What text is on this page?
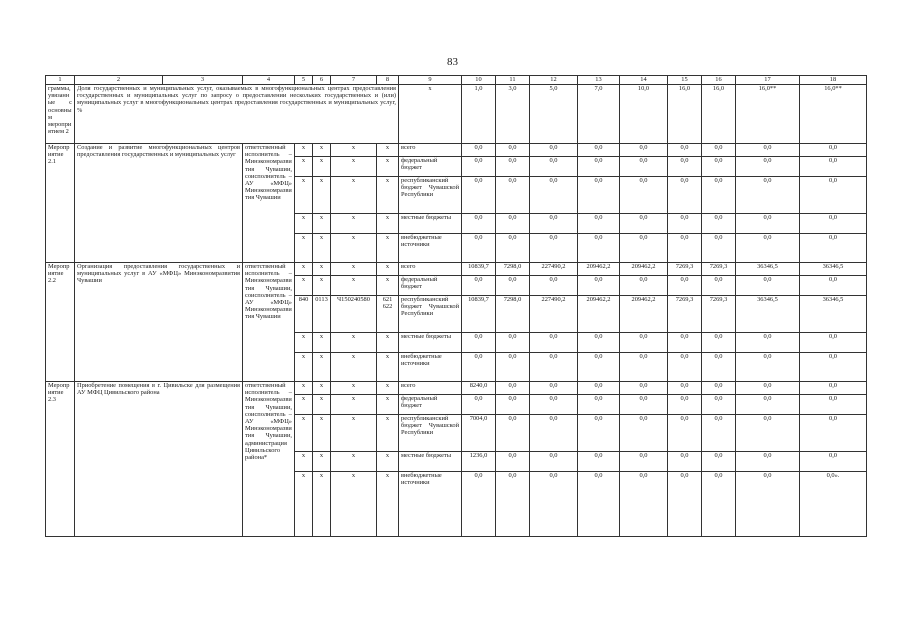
83
1	2	3	4	5	6	7	8	9	10	11	12	13	14	15	16	17	18
граммы, увязанные с основным мероприятием 2	Доля государственных и муниципальных услуг, оказываемых в многофункциональных центрах предоставления государственных и муниципальных услуг по запросу о предоставлении нескольких государственных и (или) муниципальных услуг в многофункциональных центрах предоставления государственных и муниципальных услуг, %							х	1,0	3,0	5,0	7,0	10,0	16,0	16,0	16,0**	16,0**
Мероприятие 2.1	Создание и развитие многофункциональных центров предоставления государственных и муниципальных услуг		ответственный исполнитель – Минэкономразвития Чувашии, соисполнитель – АУ «МФЦ» Минэкономразвития Чувашии	х	х	х	х	всего	0,0	0,0	0,0	0,0	0,0	0,0	0,0	0,0	0,0
				х	х	х	х	федеральный бюджет	0,0	0,0	0,0	0,0	0,0	0,0	0,0	0,0	0,0
				х	х	х	х	республиканский бюджет Чувашской Республики	0,0	0,0	0,0	0,0	0,0	0,0	0,0	0,0	0,0
				х	х	х	х	местные бюджеты	0,0	0,0	0,0	0,0	0,0	0,0	0,0	0,0	0,0
				х	х	х	х	внебюджетные источники	0,0	0,0	0,0	0,0	0,0	0,0	0,0	0,0	0,0
Мероприятие 2.2	Организация предоставления государственных и муниципальных услуг в АУ «МФЦ» Минэкономразвития Чувашии		ответственный исполнитель – Минэкономразвития Чувашии, соисполнитель – АУ «МФЦ» Минэкономразвития Чувашии	х	х	х	х	всего	10839,7	7298,0	227490,2	209462,2	209462,2	7269,3	7269,3	36346,5	36346,5
				х	х	х	х	федеральный бюджет	0,0	0,0	0,0	0,0	0,0	0,0	0,0	0,0	0,0
				840	0113	Ч150240580	621 622	республиканский бюджет Чувашской Республики	10839,7	7298,0	227490,2	209462,2	209462,2	7269,3	7269,3	36346,5	36346,5
				х	х	х	х	местные бюджеты	0,0	0,0	0,0	0,0	0,0	0,0	0,0	0,0	0,0
				х	х	х	х	внебюджетные источники	0,0	0,0	0,0	0,0	0,0	0,0	0,0	0,0	0,0
Мероприятие 2.3	Приобретение помещения в г. Цивильске для размещения АУ МФЦ Цивильского района		ответственный исполнитель – Минэкономразвития Чувашии, соисполнитель – АУ «МФЦ» Минэкономразвития Чувашии, администрация Цивильского района*	х	х	х	х	всего	8240,0	0,0	0,0	0,0	0,0	0,0	0,0	0,0	0,0
				х	х	х	х	федеральный бюджет	0,0	0,0	0,0	0,0	0,0	0,0	0,0	0,0	0,0
				х	х	х	х	республиканский бюджет Чувашской Республики	7004,0	0,0	0,0	0,0	0,0	0,0	0,0	0,0	0,0
				х	х	х	х	местные бюджеты	1236,0	0,0	0,0	0,0	0,0	0,0	0,0	0,0	0,0
				х	х	х	х	внебюджетные источники	0,0	0,0	0,0	0,0	0,0	0,0	0,0	0,0	0,0».
